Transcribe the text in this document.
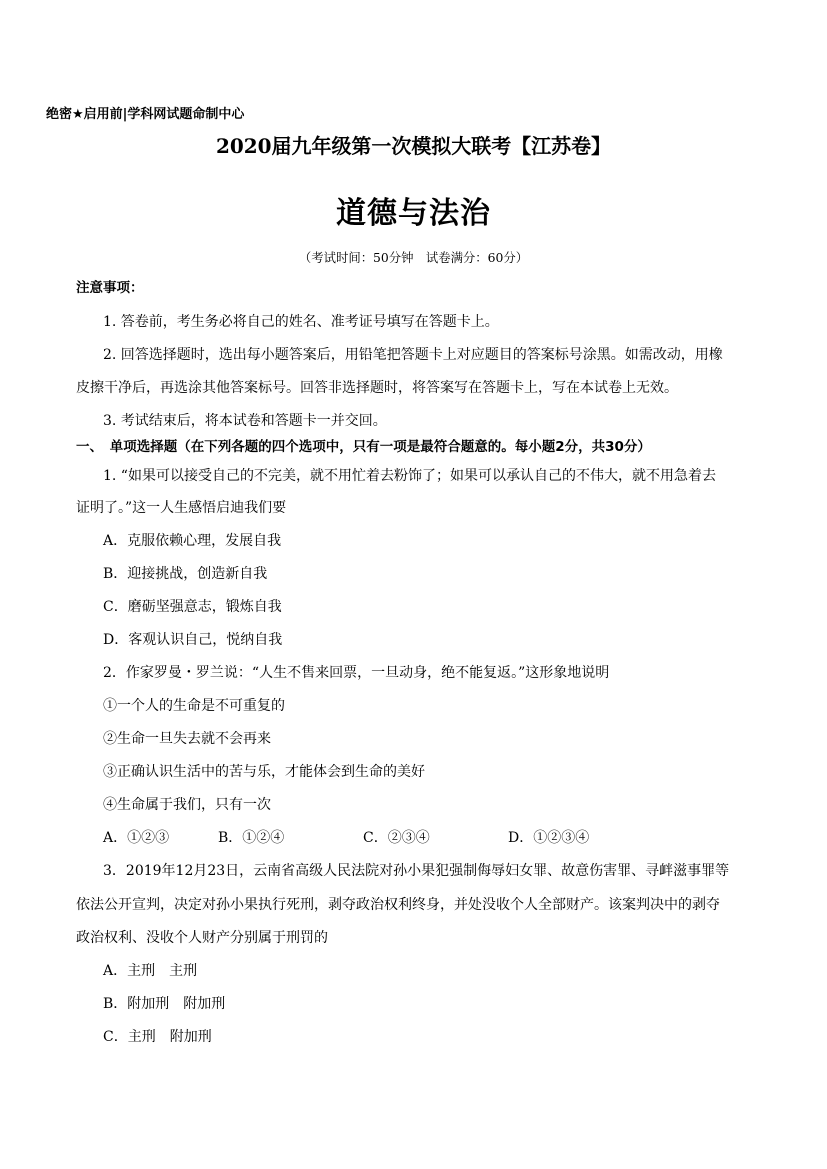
绝密★启用前|学科网试题命制中心
2020届九年级第一次模拟大联考【江苏卷】
道德与法治
（考试时间：50分钟　试卷满分：60分）
注意事项：
1. 答卷前，考生务必将自己的姓名、准考证号填写在答题卡上。
2. 回答选择题时，选出每小题答案后，用铅笔把答题卡上对应题目的答案标号涂黑。如需改动，用橡
皮擦干净后，再选涂其他答案标号。回答非选择题时，将答案写在答题卡上，写在本试卷上无效。
3. 考试结束后，将本试卷和答题卡一并交回。
一、　单项选择题（在下列各题的四个选项中，只有一项是最符合题意的。每小题2分，共30分）
1. “如果可以接受自己的不完美，就不用忙着去粉饰了；如果可以承认自己的不伟大，就不用急着去
证明了。”这一人生感悟启迪我们要
A．克服依赖心理，发展自我
B．迎接挑战，创造新自我
C．磨砺坚强意志，锻炼自我
D．客观认识自己，悦纳自我
2．作家罗曼・罗兰说：“人生不售来回票，一旦动身，绝不能复返。”这形象地说明
①一个人的生命是不可重复的
②生命一旦失去就不会再来
③正确认识生活中的苦与乐，才能体会到生命的美好
④生命属于我们，只有一次
A．①②③	B．①②④	C．②③④	D．①②③④
3．2019年12月23日，云南省高级人民法院对孙小果犯强制侮辱妇女罪、故意伤害罪、寻衅滋事罪等
依法公开宣判，决定对孙小果执行死刑，剥夺政治权利终身，并处没收个人全部财产。该案判决中的剥夺
政治权利、没收个人财产分别属于刑罚的
A．主刑　主刑
B．附加刑　附加刑
C．主刑　附加刑
